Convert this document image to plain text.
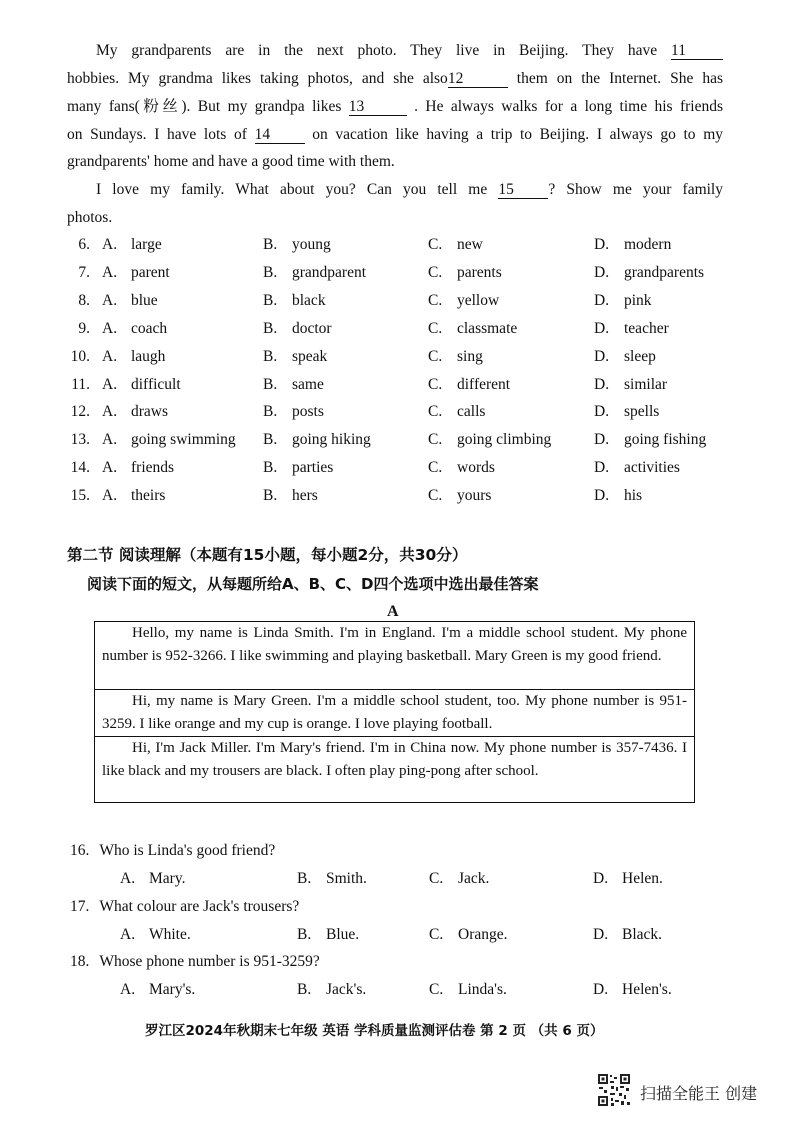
My grandparents are in the next photo. They live in Beijing. They have 11
hobbies. My grandma likes taking photos, and she also12	them on the Internet. She has
many fans(粉丝). But my grandpa likes 13	. He always walks for a long time his friends
on Sundays. I have lots of 14	on vacation like having a trip to Beijing. I always go to my
grandparents' home and have a good time with them.
I love my family. What about you? Can you tell me 15 ? Show me your family
photos.
6. A. large	B. young	C. new	D. modern
7. A. parent	B. grandparent	C. parents	D. grandparents
8. A. blue	B. black	C. yellow	D. pink
9. A. coach	B. doctor	C. classmate	D. teacher
10. A. laugh	B. speak	C. sing	D. sleep
11. A. difficult	B. same	C. different	D. similar
12. A. draws	B. posts	C. calls	D. spells
13. A. going swimming B. going hiking	C. going climbing	D. going fishing
14. A. friends	B. parties	C. words	D. activities
15. A. theirs	B. hers	C. yours	D. his
第二节 阅读理解（本题有15小题，每小题2分，共30分）
阅读下面的短文，从每题所给A、B、C、D四个选项中选出最佳答案
A
Hello, my name is Linda Smith. I'm in England. I'm a middle school student. My phone number is 952-3266. I like swimming and playing basketball. Mary Green is my good friend.
Hi, my name is Mary Green. I'm a middle school student, too. My phone number is 951-3259. I like orange and my cup is orange. I love playing football.
Hi, I'm Jack Miller. I'm Mary's friend. I'm in China now. My phone number is 357-7436. I like black and my trousers are black. I often play ping-pong after school.
16. Who is Linda's good friend?
A. Mary.	B. Smith.	C. Jack.	D. Helen.
17. What colour are Jack's trousers?
A. White.	B. Blue.	C. Orange.	D. Black.
18. Whose phone number is 951-3259?
A. Mary's.	B. Jack's.	C. Linda's.	D. Helen's.
罗江区2024年秋期末七年级 英语 学科质量监测评估卷 第 2 页 （共 6 页）
扫描全能王 创建
